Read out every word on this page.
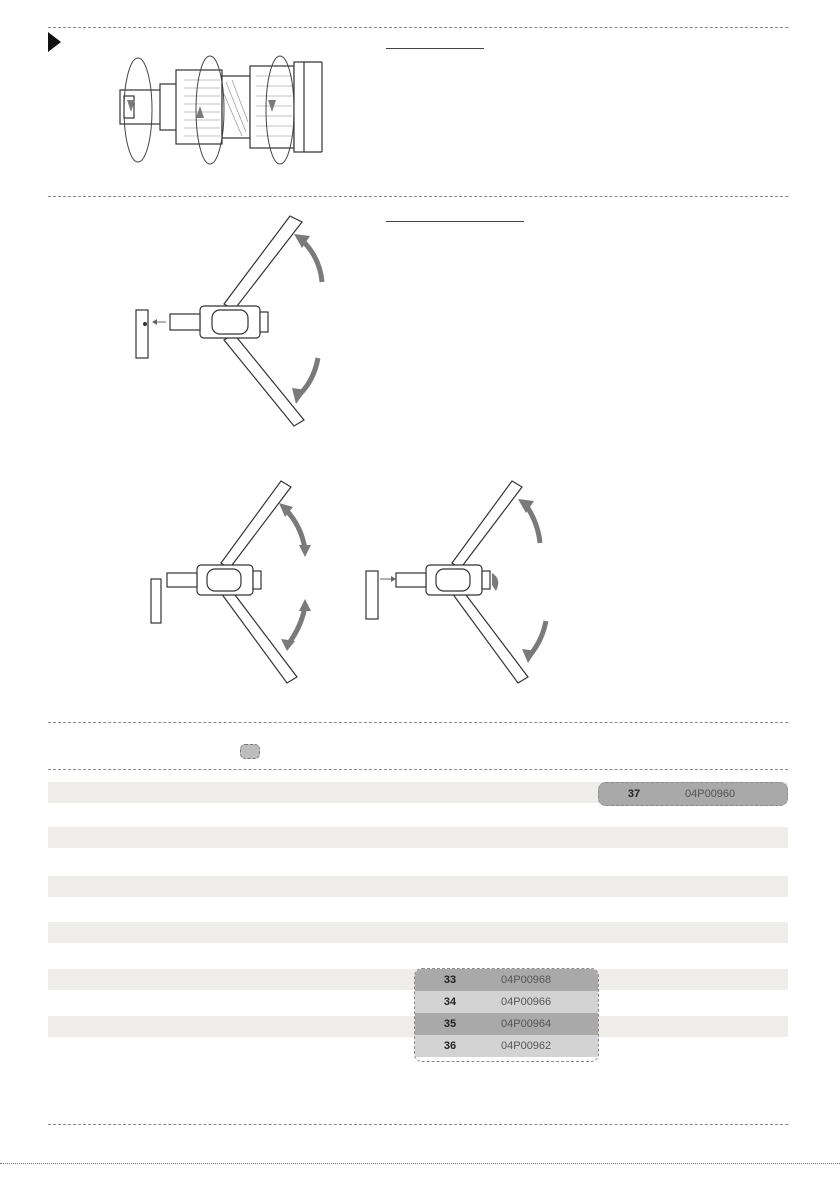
37	04P00960
33	04P00968
34	04P00966
35	04P00964
36	04P00962
